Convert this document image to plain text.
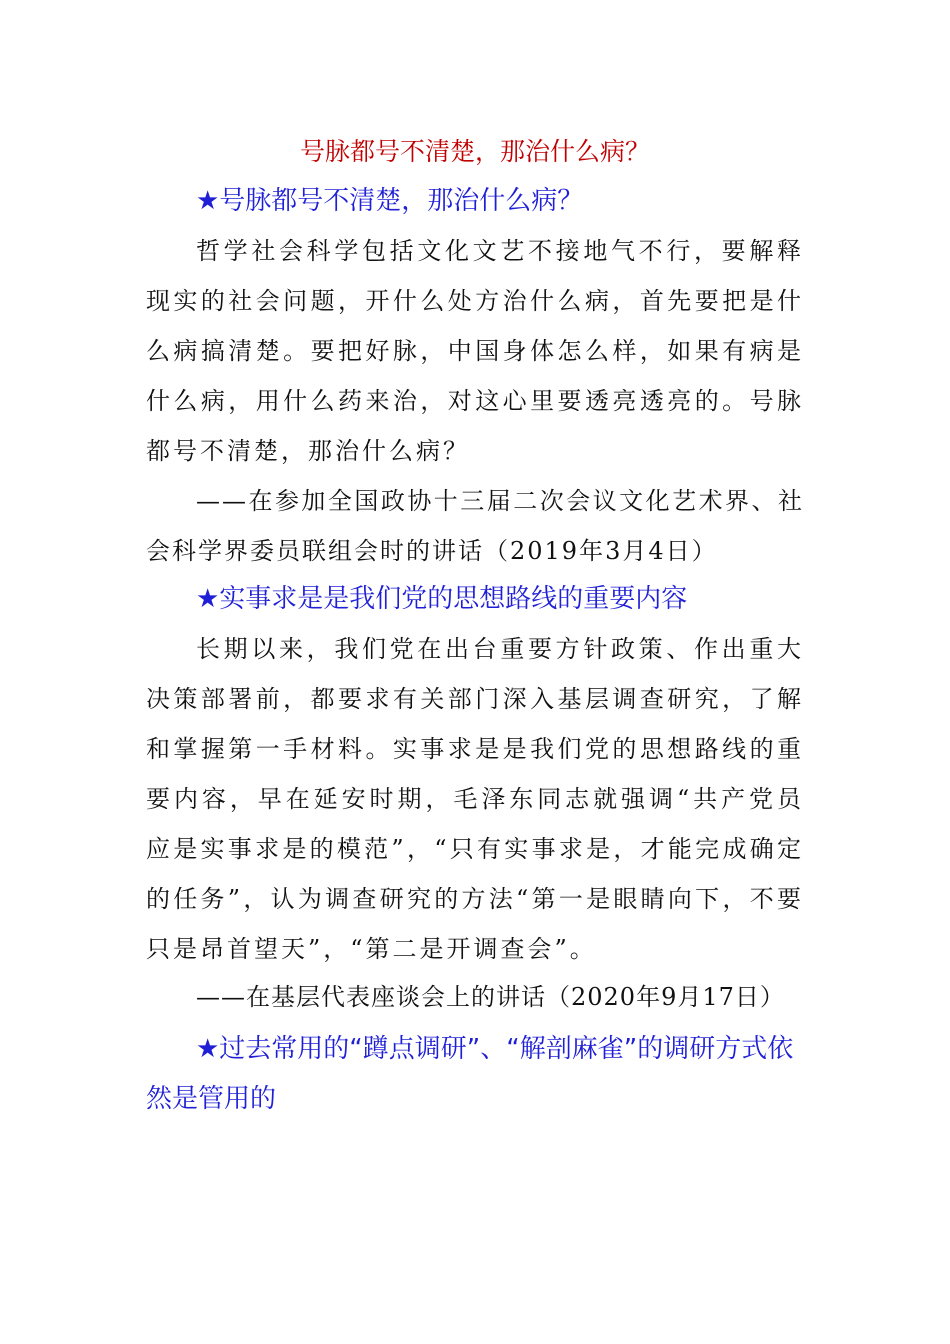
号脉都号不清楚，那治什么病？
★号脉都号不清楚，那治什么病？
哲学社会科学包括文化文艺不接地气不行，要解释现实的社会问题，开什么处方治什么病，首先要把是什么病搞清楚。要把好脉，中国身体怎么样，如果有病是什么病，用什么药来治，对这心里要透亮透亮的。号脉都号不清楚，那治什么病？
——在参加全国政协十三届二次会议文化艺术界、社会科学界委员联组会时的讲话（2019年3月4日）
★实事求是是我们党的思想路线的重要内容
长期以来，我们党在出台重要方针政策、作出重大决策部署前，都要求有关部门深入基层调查研究，了解和掌握第一手材料。实事求是是我们党的思想路线的重要内容，早在延安时期，毛泽东同志就强调“共产党员应是实事求是的模范”，“只有实事求是，才能完成确定的任务”，认为调查研究的方法“第一是眼睛向下，不要只是昂首望天”，“第二是开调查会”。
——在基层代表座谈会上的讲话（2020年9月17日）
★过去常用的“蹲点调研”、“解剖麻雀”的调研方式依然是管用的
